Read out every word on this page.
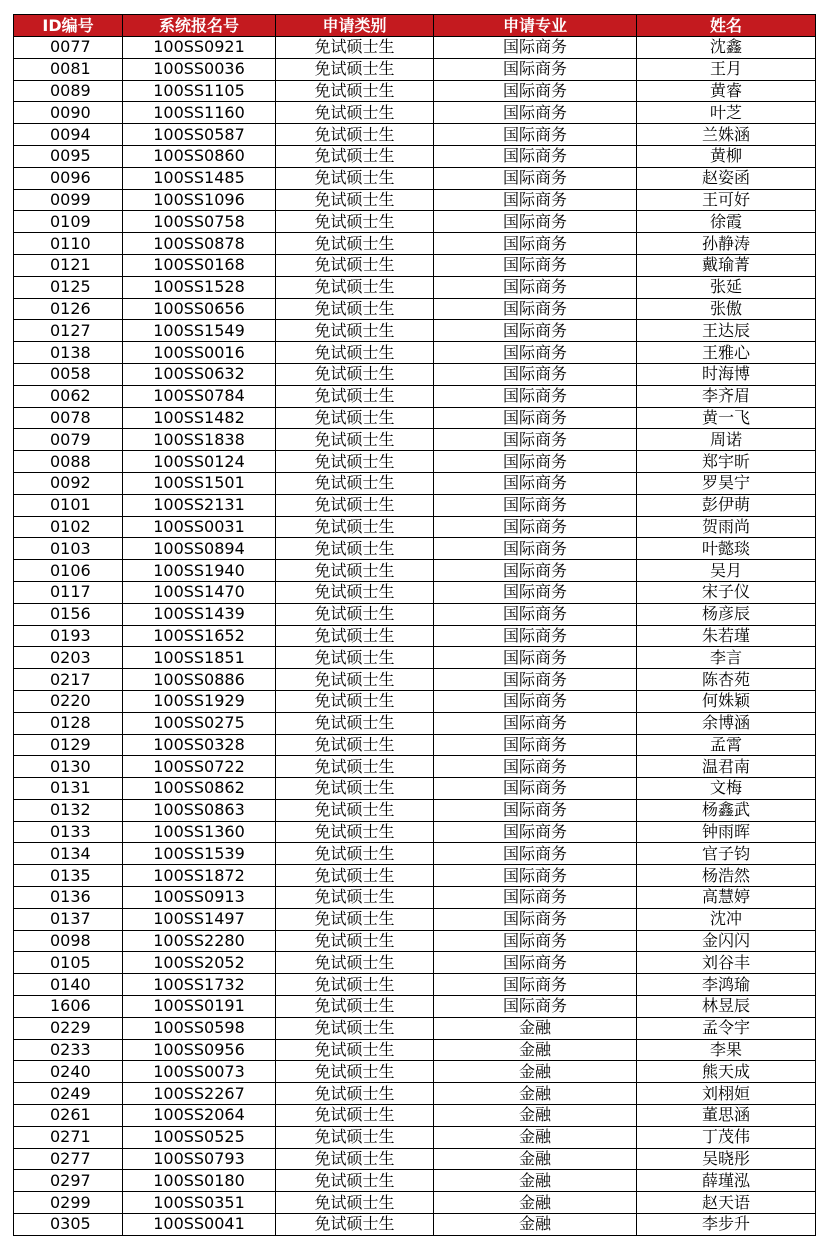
ID编号	系统报名号	申请类别	申请专业	姓名
0077	100SS0921	免试硕士生	国际商务	沈鑫
0081	100SS0036	免试硕士生	国际商务	王月
0089	100SS1105	免试硕士生	国际商务	黄睿
0090	100SS1160	免试硕士生	国际商务	叶芝
0094	100SS0587	免试硕士生	国际商务	兰姝涵
0095	100SS0860	免试硕士生	国际商务	黄柳
0096	100SS1485	免试硕士生	国际商务	赵姿函
0099	100SS1096	免试硕士生	国际商务	王可好
0109	100SS0758	免试硕士生	国际商务	徐霞
0110	100SS0878	免试硕士生	国际商务	孙静涛
0121	100SS0168	免试硕士生	国际商务	戴瑜菁
0125	100SS1528	免试硕士生	国际商务	张延
0126	100SS0656	免试硕士生	国际商务	张傲
0127	100SS1549	免试硕士生	国际商务	王达辰
0138	100SS0016	免试硕士生	国际商务	王雅心
0058	100SS0632	免试硕士生	国际商务	时海博
0062	100SS0784	免试硕士生	国际商务	李齐眉
0078	100SS1482	免试硕士生	国际商务	黄一飞
0079	100SS1838	免试硕士生	国际商务	周诺
0088	100SS0124	免试硕士生	国际商务	郑宇昕
0092	100SS1501	免试硕士生	国际商务	罗昊宁
0101	100SS2131	免试硕士生	国际商务	彭伊萌
0102	100SS0031	免试硕士生	国际商务	贺雨尚
0103	100SS0894	免试硕士生	国际商务	叶懿琰
0106	100SS1940	免试硕士生	国际商务	吴月
0117	100SS1470	免试硕士生	国际商务	宋子仪
0156	100SS1439	免试硕士生	国际商务	杨彦辰
0193	100SS1652	免试硕士生	国际商务	朱若瑾
0203	100SS1851	免试硕士生	国际商务	李言
0217	100SS0886	免试硕士生	国际商务	陈杏苑
0220	100SS1929	免试硕士生	国际商务	何姝颖
0128	100SS0275	免试硕士生	国际商务	余博涵
0129	100SS0328	免试硕士生	国际商务	孟霄
0130	100SS0722	免试硕士生	国际商务	温君南
0131	100SS0862	免试硕士生	国际商务	文梅
0132	100SS0863	免试硕士生	国际商务	杨鑫武
0133	100SS1360	免试硕士生	国际商务	钟雨晖
0134	100SS1539	免试硕士生	国际商务	官子钧
0135	100SS1872	免试硕士生	国际商务	杨浩然
0136	100SS0913	免试硕士生	国际商务	高慧婷
0137	100SS1497	免试硕士生	国际商务	沈冲
0098	100SS2280	免试硕士生	国际商务	金闪闪
0105	100SS2052	免试硕士生	国际商务	刘谷丰
0140	100SS1732	免试硕士生	国际商务	李鸿瑜
1606	100SS0191	免试硕士生	国际商务	林昱辰
0229	100SS0598	免试硕士生	金融	孟令宇
0233	100SS0956	免试硕士生	金融	李果
0240	100SS0073	免试硕士生	金融	熊天成
0249	100SS2267	免试硕士生	金融	刘栩姮
0261	100SS2064	免试硕士生	金融	董思涵
0271	100SS0525	免试硕士生	金融	丁茂伟
0277	100SS0793	免试硕士生	金融	吴晓彤
0297	100SS0180	免试硕士生	金融	薛瑾泓
0299	100SS0351	免试硕士生	金融	赵天语
0305	100SS0041	免试硕士生	金融	李步升
